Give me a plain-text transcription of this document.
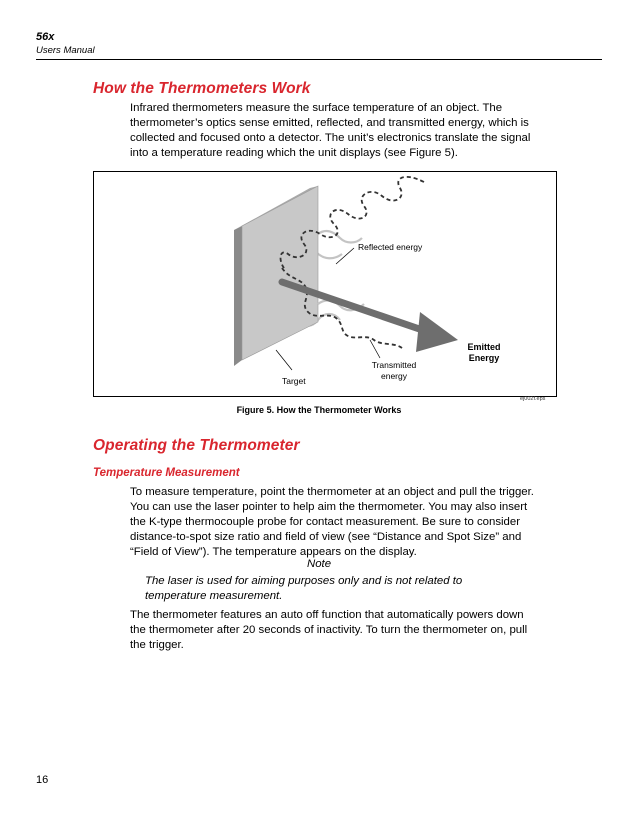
56x
Users Manual
How the Thermometers Work
Infrared thermometers measure the surface temperature of an object. The
thermometer’s optics sense emitted, reflected, and transmitted energy, which is
collected and focused onto a detector. The unit’s electronics translate the signal
into a temperature reading which the unit displays (see Figure 5).
Reflected energy
Emitted
Energy
Transmitted
energy
Target
ej002f.eps
Figure 5. How the Thermometer Works
Operating the Thermometer
Temperature Measurement
To measure temperature, point the thermometer at an object and pull the trigger.
You can use the laser pointer to help aim the thermometer. You may also insert
the K-type thermocouple probe for contact measurement. Be sure to consider
distance-to-spot size ratio and field of view (see “Distance and Spot Size” and
“Field of View”). The temperature appears on the display.
Note
The laser is used for aiming purposes only and is not related to
temperature measurement.
The thermometer features an auto off function that automatically powers down
the thermometer after 20 seconds of inactivity. To turn the thermometer on, pull
the trigger.
16
